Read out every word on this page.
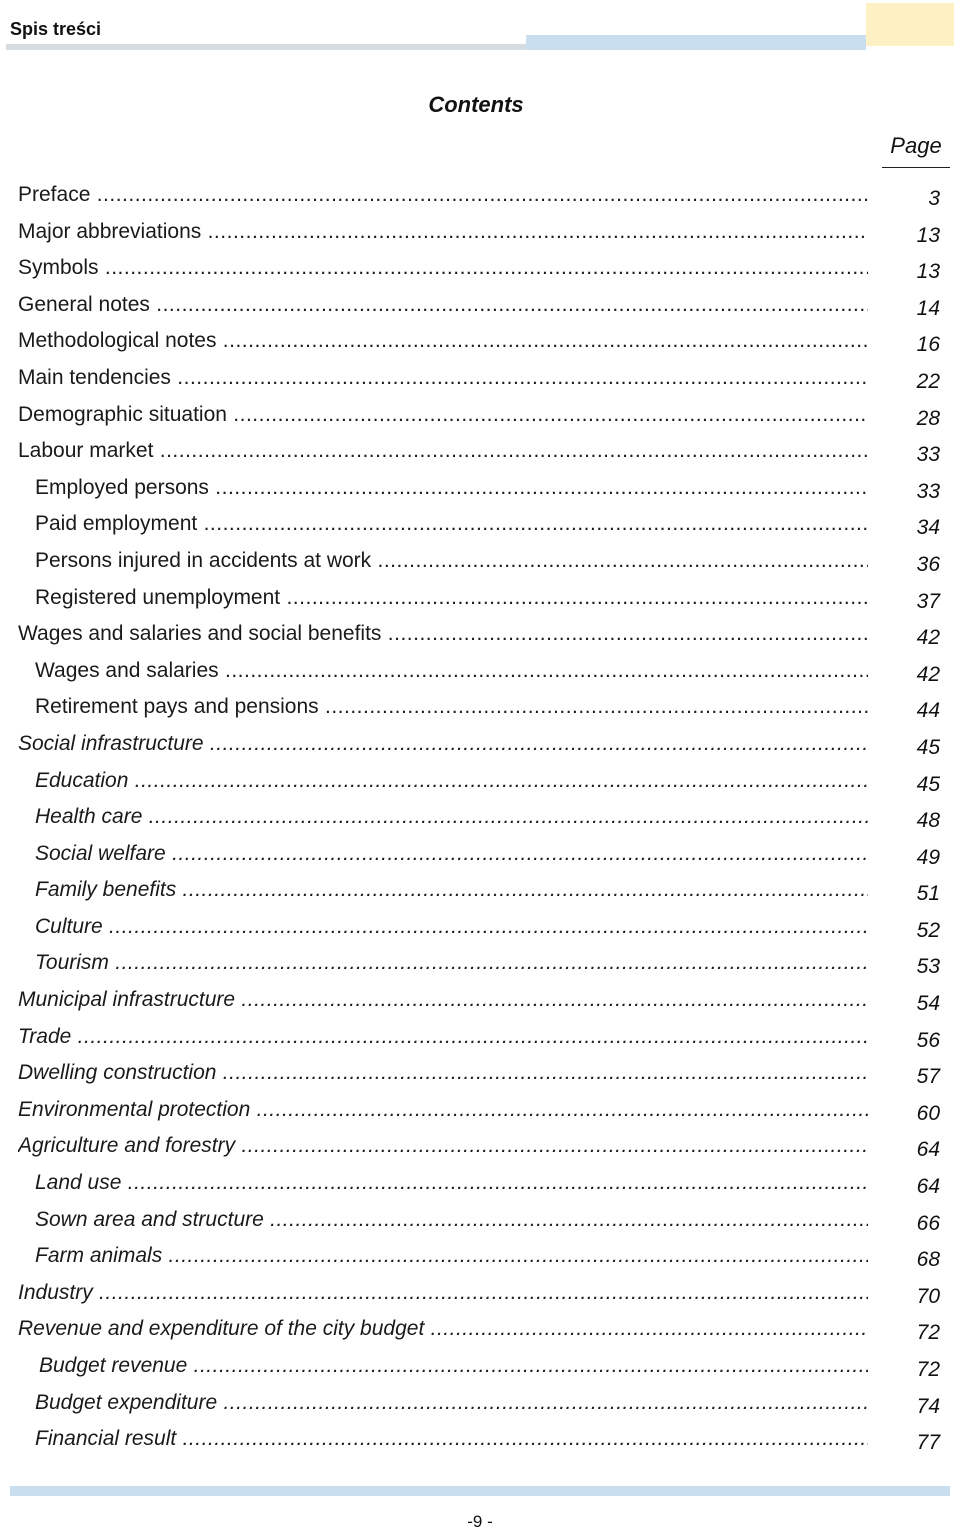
Spis treści
Contents
Page
Preface .....	3
Major abbreviations .....	13
Symbols .....	13
General notes .....	14
Methodological notes .....	16
Main tendencies .....	22
Demographic situation .....	28
Labour market .....	33
Employed persons .....	33
Paid employment .....	34
Persons injured in accidents at work .....	36
Registered unemployment .....	37
Wages and salaries and social benefits .....	42
Wages and salaries .....	42
Retirement pays and pensions .....	44
Social infrastructure .....	45
Education .....	45
Health care .....	48
Social welfare .....	49
Family benefits .....	51
Culture .....	52
Tourism .....	53
Municipal infrastructure .....	54
Trade .....	56
Dwelling construction .....	57
Environmental protection .....	60
Agriculture and forestry .....	64
Land use .....	64
Sown area and structure .....	66
Farm animals .....	68
Industry .....	70
Revenue and expenditure of the city budget .....	72
Budget revenue .....	72
Budget expenditure .....	74
Financial result .....	77
-9 -
